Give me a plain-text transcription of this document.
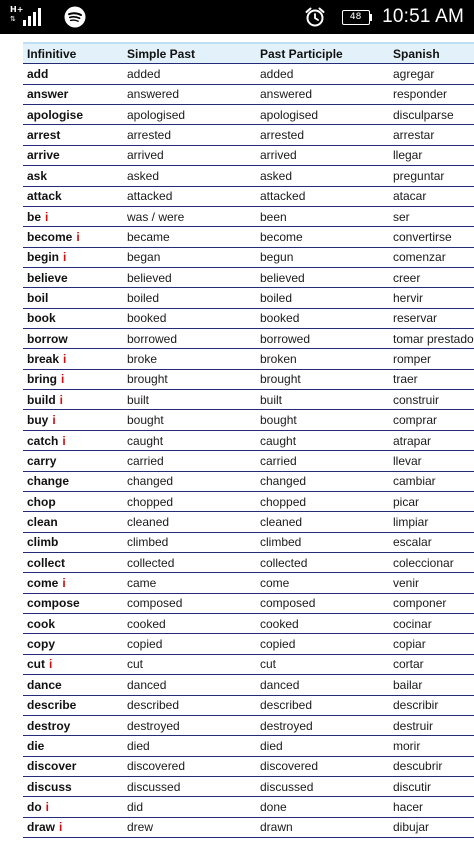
H+
⇅	48	10:51 AM
Infinitive	Simple Past	Past Participle	Spanish
add	added	added	agregar
answer	answered	answered	responder
apologise	apologised	apologised	disculparse
arrest	arrested	arrested	arrestar
arrive	arrived	arrived	llegar
ask	asked	asked	preguntar
attack	attacked	attacked	atacar
be i	was / were	been	ser
become i	became	become	convertirse
begin i	began	begun	comenzar
believe	believed	believed	creer
boil	boiled	boiled	hervir
book	booked	booked	reservar
borrow	borrowed	borrowed	tomar prestado
break i	broke	broken	romper
bring i	brought	brought	traer
build i	built	built	construir
buy i	bought	bought	comprar
catch i	caught	caught	atrapar
carry	carried	carried	llevar
change	changed	changed	cambiar
chop	chopped	chopped	picar
clean	cleaned	cleaned	limpiar
climb	climbed	climbed	escalar
collect	collected	collected	coleccionar
come i	came	come	venir
compose	composed	composed	componer
cook	cooked	cooked	cocinar
copy	copied	copied	copiar
cut i	cut	cut	cortar
dance	danced	danced	bailar
describe	described	described	describir
destroy	destroyed	destroyed	destruir
die	died	died	morir
discover	discovered	discovered	descubrir
discuss	discussed	discussed	discutir
do i	did	done	hacer
draw i	drew	drawn	dibujar
